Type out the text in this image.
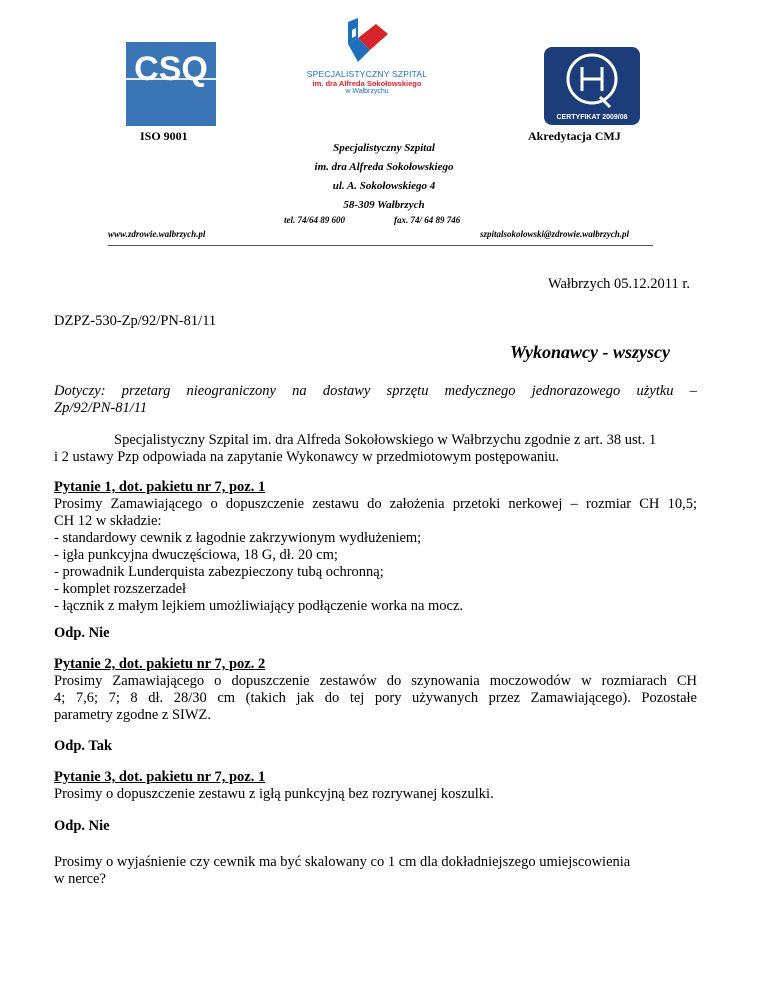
CSQ
ISO 9001
SPECJALISTYCZNY SZPITAL
im. dra Alfreda Sokołowskiego
w Wałbrzychu
CERTYFIKAT 2009/08
Akredytacja CMJ
Specjalistyczny Szpital
im. dra Alfreda Sokołowskiego
ul. A. Sokołowskiego 4
58-309 Wałbrzych
tel. 74/64 89 600	fax. 74/ 64 89 746
www.zdrowie.walbrzych.pl	szpitalsokolowski@zdrowie.walbrzych.pl
Wałbrzych 05.12.2011 r.
DZPZ-530-Zp/92/PN-81/11
Wykonawcy - wszyscy
Dotyczy: przetarg nieograniczony na dostawy sprzętu medycznego jednorazowego użytku –
Zp/92/PN-81/11
Specjalistyczny Szpital im. dra Alfreda Sokołowskiego w Wałbrzychu zgodnie z art. 38 ust. 1
i 2 ustawy Pzp odpowiada na zapytanie Wykonawcy w przedmiotowym postępowaniu.
Pytanie 1, dot. pakietu nr 7, poz. 1
Prosimy Zamawiającego o dopuszczenie zestawu do założenia przetoki nerkowej – rozmiar CH 10,5;
CH 12 w składzie:
- standardowy cewnik z łagodnie zakrzywionym wydłużeniem;
- igła punkcyjna dwuczęściowa, 18 G, dł. 20 cm;
- prowadnik Lunderquista zabezpieczony tubą ochronną;
- komplet rozszerzadeł
- łącznik z małym lejkiem umożliwiający podłączenie worka na mocz.
Odp. Nie
Pytanie 2, dot. pakietu nr 7, poz. 2
Prosimy Zamawiającego o dopuszczenie zestawów do szynowania moczowodów w rozmiarach CH
4; 7,6; 7; 8 dł. 28/30 cm (takich jak do tej pory używanych przez Zamawiającego). Pozostałe
parametry zgodne z SIWZ.
Odp. Tak
Pytanie 3, dot. pakietu nr 7, poz. 1
Prosimy o dopuszczenie zestawu z igłą punkcyjną bez rozrywanej koszulki.
Odp. Nie
Prosimy o wyjaśnienie czy cewnik ma być skalowany co 1 cm dla dokładniejszego umiejscowienia
w nerce?
